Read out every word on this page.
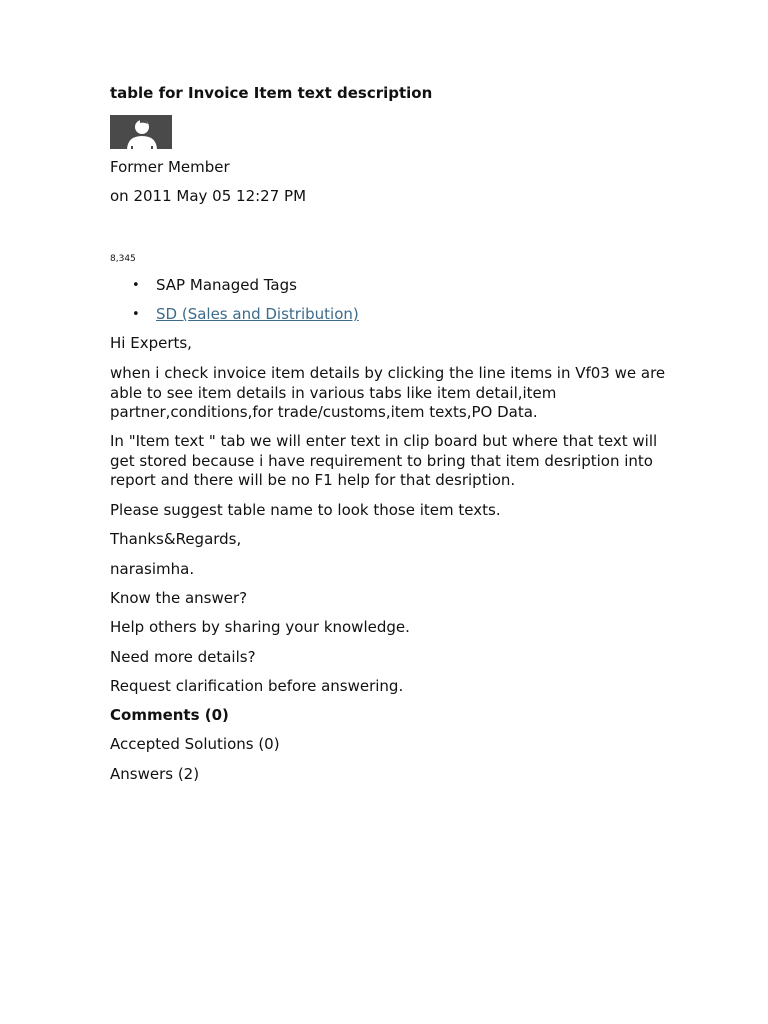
table for Invoice Item text description
Former Member
on 2011 May 05 12:27 PM
8,345
• SAP Managed Tags
• SD (Sales and Distribution)
Hi Experts,
when i check invoice item details by clicking the line items in Vf03 we are able to see item details in various tabs like item detail,item partner,conditions,for trade/customs,item texts,PO Data.
In "Item text " tab we will enter text in clip board but where that text will get stored because i have requirement to bring that item desription into report and there will be no F1 help for that desription.
Please suggest table name to look those item texts.
Thanks&Regards,
narasimha.
Know the answer?
Help others by sharing your knowledge.
Need more details?
Request clarification before answering.
Comments (0)
Accepted Solutions (0)
Answers (2)
